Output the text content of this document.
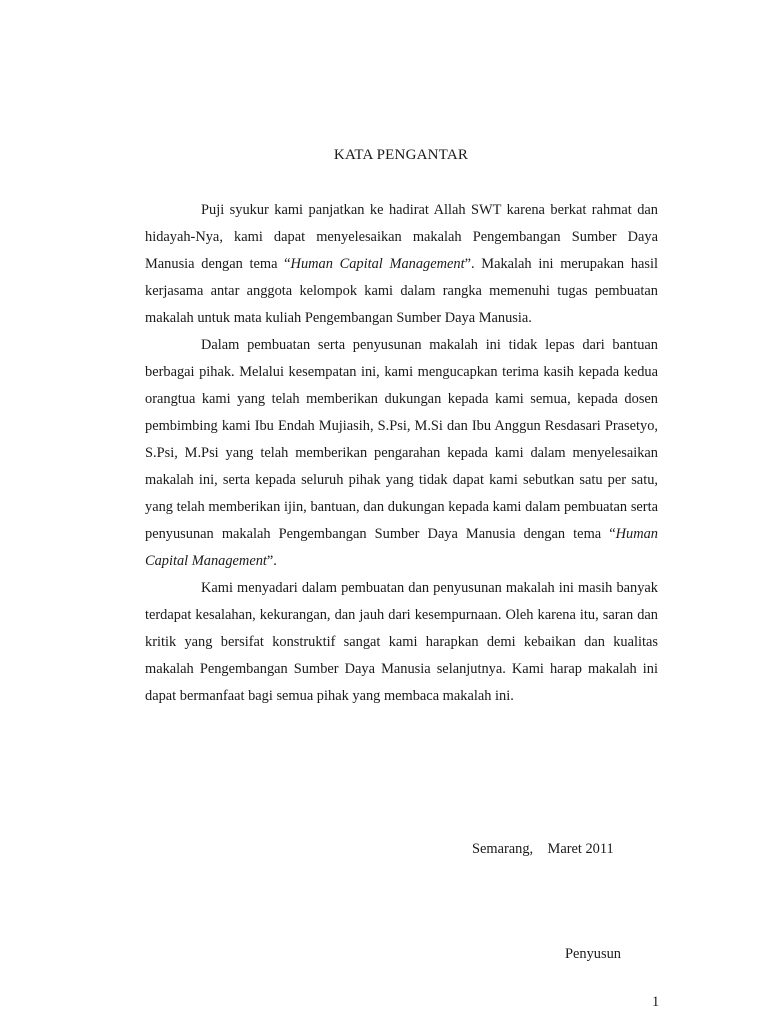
KATA PENGANTAR

Puji syukur kami panjatkan ke hadirat Allah SWT karena berkat rahmat dan hidayah-Nya, kami dapat menyelesaikan makalah Pengembangan Sumber Daya Manusia dengan tema “Human Capital Management”. Makalah ini merupakan hasil kerjasama antar anggota kelompok kami dalam rangka memenuhi tugas pembuatan makalah untuk mata kuliah Pengembangan Sumber Daya Manusia.

Dalam pembuatan serta penyusunan makalah ini tidak lepas dari bantuan berbagai pihak. Melalui kesempatan ini, kami mengucapkan terima kasih kepada kedua orangtua kami yang telah memberikan dukungan kepada kami semua, kepada dosen pembimbing kami Ibu Endah Mujiasih, S.Psi, M.Si dan Ibu Anggun Resdasari Prasetyo, S.Psi, M.Psi yang telah memberikan pengarahan kepada kami dalam menyelesaikan makalah ini, serta kepada seluruh pihak yang tidak dapat kami sebutkan satu per satu, yang telah memberikan ijin, bantuan, dan dukungan kepada kami dalam pembuatan serta penyusunan makalah Pengembangan Sumber Daya Manusia dengan tema “Human Capital Management”.

Kami menyadari dalam pembuatan dan penyusunan makalah ini masih banyak terdapat kesalahan, kekurangan, dan jauh dari kesempurnaan. Oleh karena itu, saran dan kritik yang bersifat konstruktif sangat kami harapkan demi kebaikan dan kualitas makalah Pengembangan Sumber Daya Manusia selanjutnya. Kami harap makalah ini dapat bermanfaat bagi semua pihak yang membaca makalah ini.

Semarang,    Maret 2011
Penyusun
1
